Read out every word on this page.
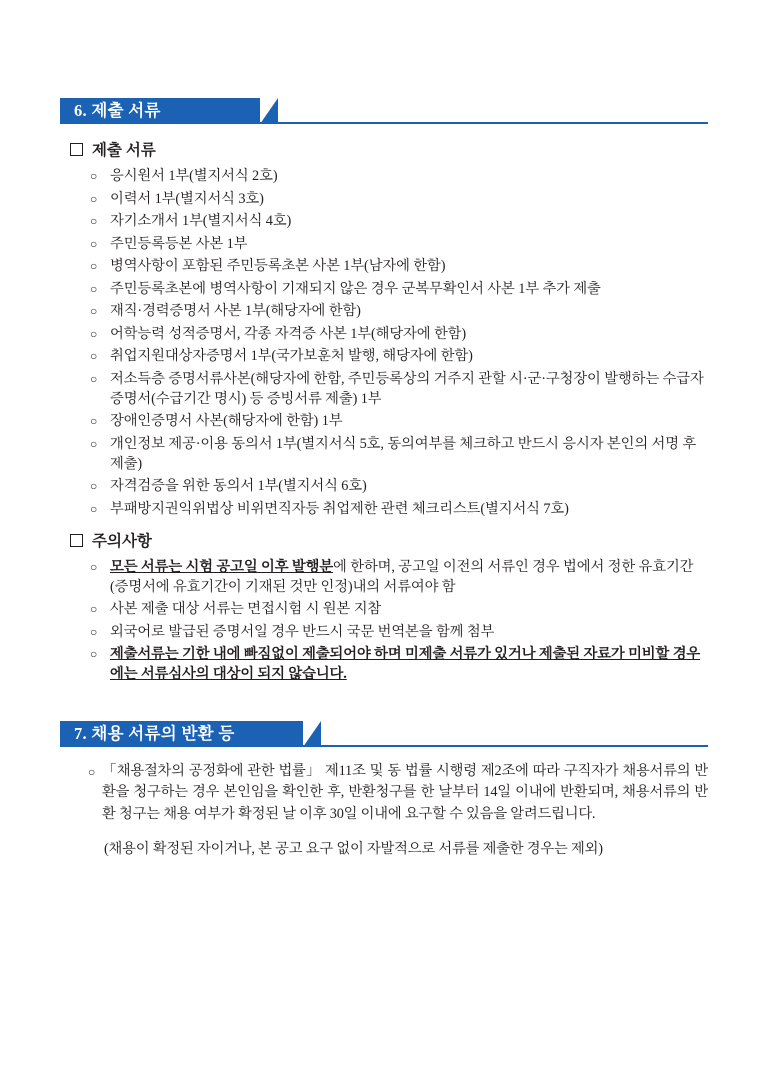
6. 제출 서류
제출 서류
○ 응시원서 1부(별지서식 2호)
○ 이력서 1부(별지서식 3호)
○ 자기소개서 1부(별지서식 4호)
○ 주민등록등본 사본 1부
○ 병역사항이 포함된 주민등록초본 사본 1부(남자에 한함)
○ 주민등록초본에 병역사항이 기재되지 않은 경우 군복무확인서 사본 1부 추가 제출
○ 재직·경력증명서 사본 1부(해당자에 한함)
○ 어학능력 성적증명서, 각종 자격증 사본 1부(해당자에 한함)
○ 취업지원대상자증명서 1부(국가보훈처 발행, 해당자에 한함)
○ 저소득층 증명서류사본(해당자에 한함, 주민등록상의 거주지 관할 시·군·구청장이 발행하는 수급자 증명서(수급기간 명시) 등 증빙서류 제출) 1부
○ 장애인증명서 사본(해당자에 한함) 1부
○ 개인정보 제공·이용 동의서 1부(별지서식 5호, 동의여부를 체크하고 반드시 응시자 본인의 서명 후 제출)
○ 자격검증을 위한 동의서 1부(별지서식 6호)
○ 부패방지권익위법상 비위면직자등 취업제한 관련 체크리스트(별지서식 7호)
주의사항
○ 모든 서류는 시험 공고일 이후 발행분에 한하며, 공고일 이전의 서류인 경우 법에서 정한 유효기간(증명서에 유효기간이 기재된 것만 인정)내의 서류여야 함
○ 사본 제출 대상 서류는 면접시험 시 원본 지참
○ 외국어로 발급된 증명서일 경우 반드시 국문 번역본을 함께 첨부
○ 제출서류는 기한 내에 빠짐없이 제출되어야 하며 미제출 서류가 있거나 제출된 자료가 미비할 경우에는 서류심사의 대상이 되지 않습니다.
7. 채용 서류의 반환 등

○ 「채용절차의 공정화에 관한 법률」 제11조 및 동 법률 시행령 제2조에 따라 구직자가 채용서류의 반환을 청구하는 경우 본인임을 확인한 후, 반환청구를 한 날부터 14일 이내에 반환되며, 채용서류의 반환 청구는 채용 여부가 확정된 날 이후 30일 이내에 요구할 수 있음을 알려드립니다.

(채용이 확정된 자이거나, 본 공고 요구 없이 자발적으로 서류를 제출한 경우는 제외)
